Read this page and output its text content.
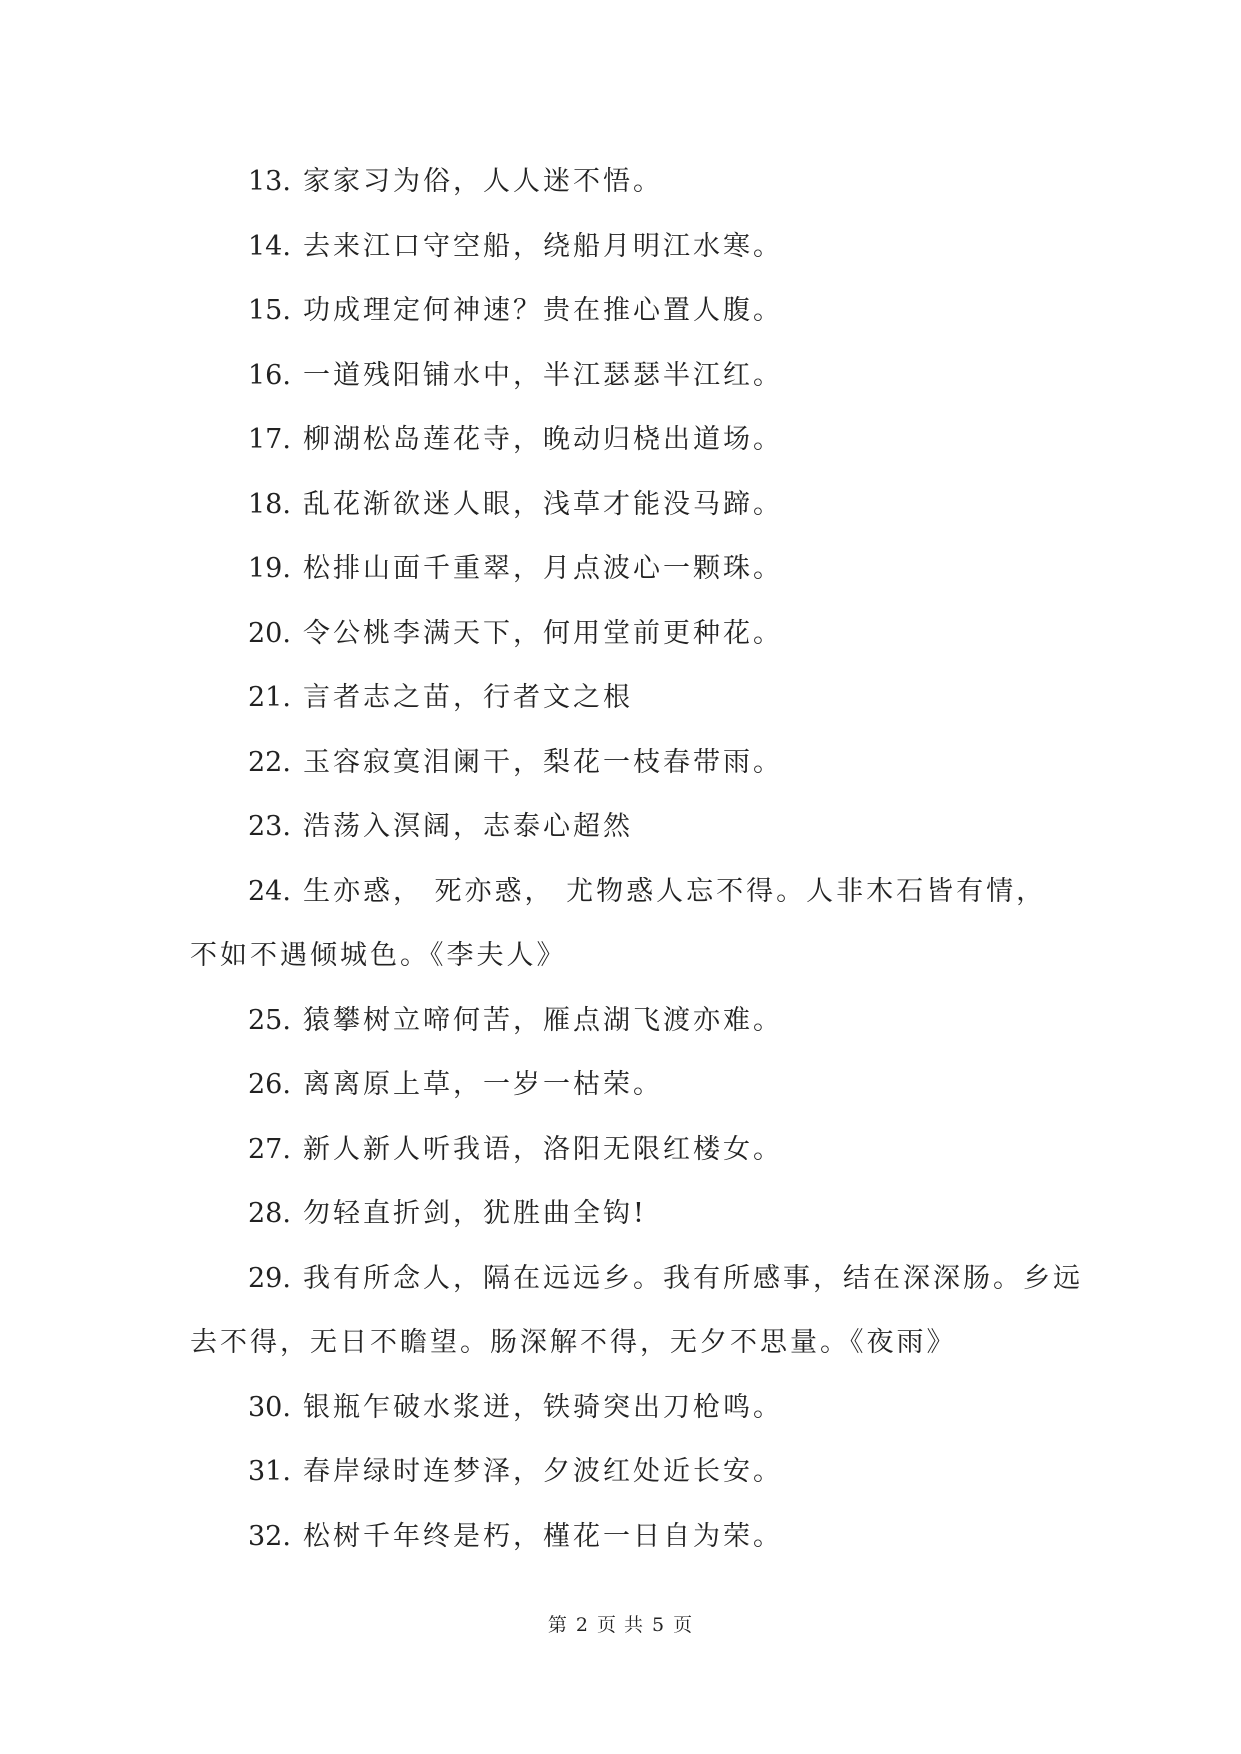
13. 家家习为俗，人人迷不悟。

14. 去来江口守空船，绕船月明江水寒。

15. 功成理定何神速？贵在推心置人腹。

16. 一道残阳铺水中，半江瑟瑟半江红。

17. 柳湖松岛莲花寺，晚动归桡出道场。

18. 乱花渐欲迷人眼，浅草才能没马蹄。

19. 松排山面千重翠，月点波心一颗珠。

20. 令公桃李满天下，何用堂前更种花。

21. 言者志之苗，行者文之根

22. 玉容寂寞泪阑干，梨花一枝春带雨。

23. 浩荡入溟阔，志泰心超然

24. 生亦惑， 死亦惑， 尤物惑人忘不得。人非木石皆有情，

不如不遇倾城色。《李夫人》

25. 猿攀树立啼何苦，雁点湖飞渡亦难。

26. 离离原上草，一岁一枯荣。

27. 新人新人听我语，洛阳无限红楼女。

28. 勿轻直折剑，犹胜曲全钩!

29. 我有所念人，隔在远远乡。我有所感事，结在深深肠。乡远

去不得，无日不瞻望。肠深解不得，无夕不思量。《夜雨》

30. 银瓶乍破水浆迸，铁骑突出刀枪鸣。

31. 春岸绿时连梦泽，夕波红处近长安。

32. 松树千年终是朽，槿花一日自为荣。

第 2 页 共 5 页
